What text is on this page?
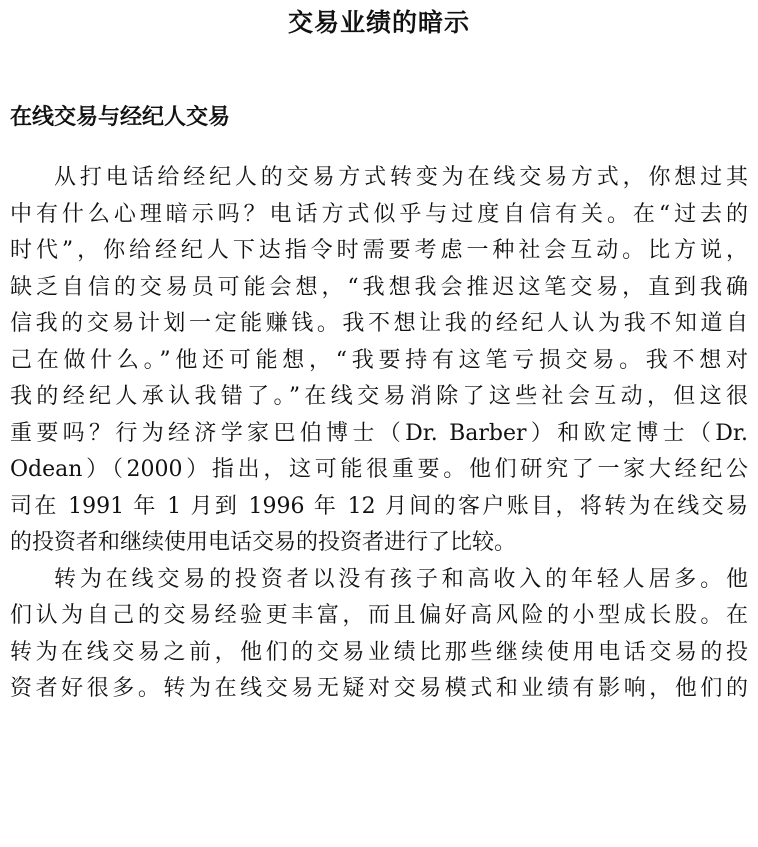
交易业绩的暗示
在线交易与经纪人交易
从打电话给经纪人的交易方式转变为在线交易方式，你想过其
中有什么心理暗示吗？电话方式似乎与过度自信有关。在“过去的
时代”，你给经纪人下达指令时需要考虑一种社会互动。比方说，
缺乏自信的交易员可能会想，“我想我会推迟这笔交易，直到我确
信我的交易计划一定能赚钱。我不想让我的经纪人认为我不知道自
己在做什么。”他还可能想，“我要持有这笔亏损交易。我不想对
我的经纪人承认我错了。”在线交易消除了这些社会互动，但这很
重要吗？行为经济学家巴伯博士（Dr. Barber）和欧定博士（Dr.
Odean）（2000）指出，这可能很重要。他们研究了一家大经纪公
司在 1991 年 1 月到 1996 年 12 月间的客户账目，将转为在线交易
的投资者和继续使用电话交易的投资者进行了比较。
转为在线交易的投资者以没有孩子和高收入的年轻人居多。他
们认为自己的交易经验更丰富，而且偏好高风险的小型成长股。在
转为在线交易之前，他们的交易业绩比那些继续使用电话交易的投
资者好很多。转为在线交易无疑对交易模式和业绩有影响，他们的
